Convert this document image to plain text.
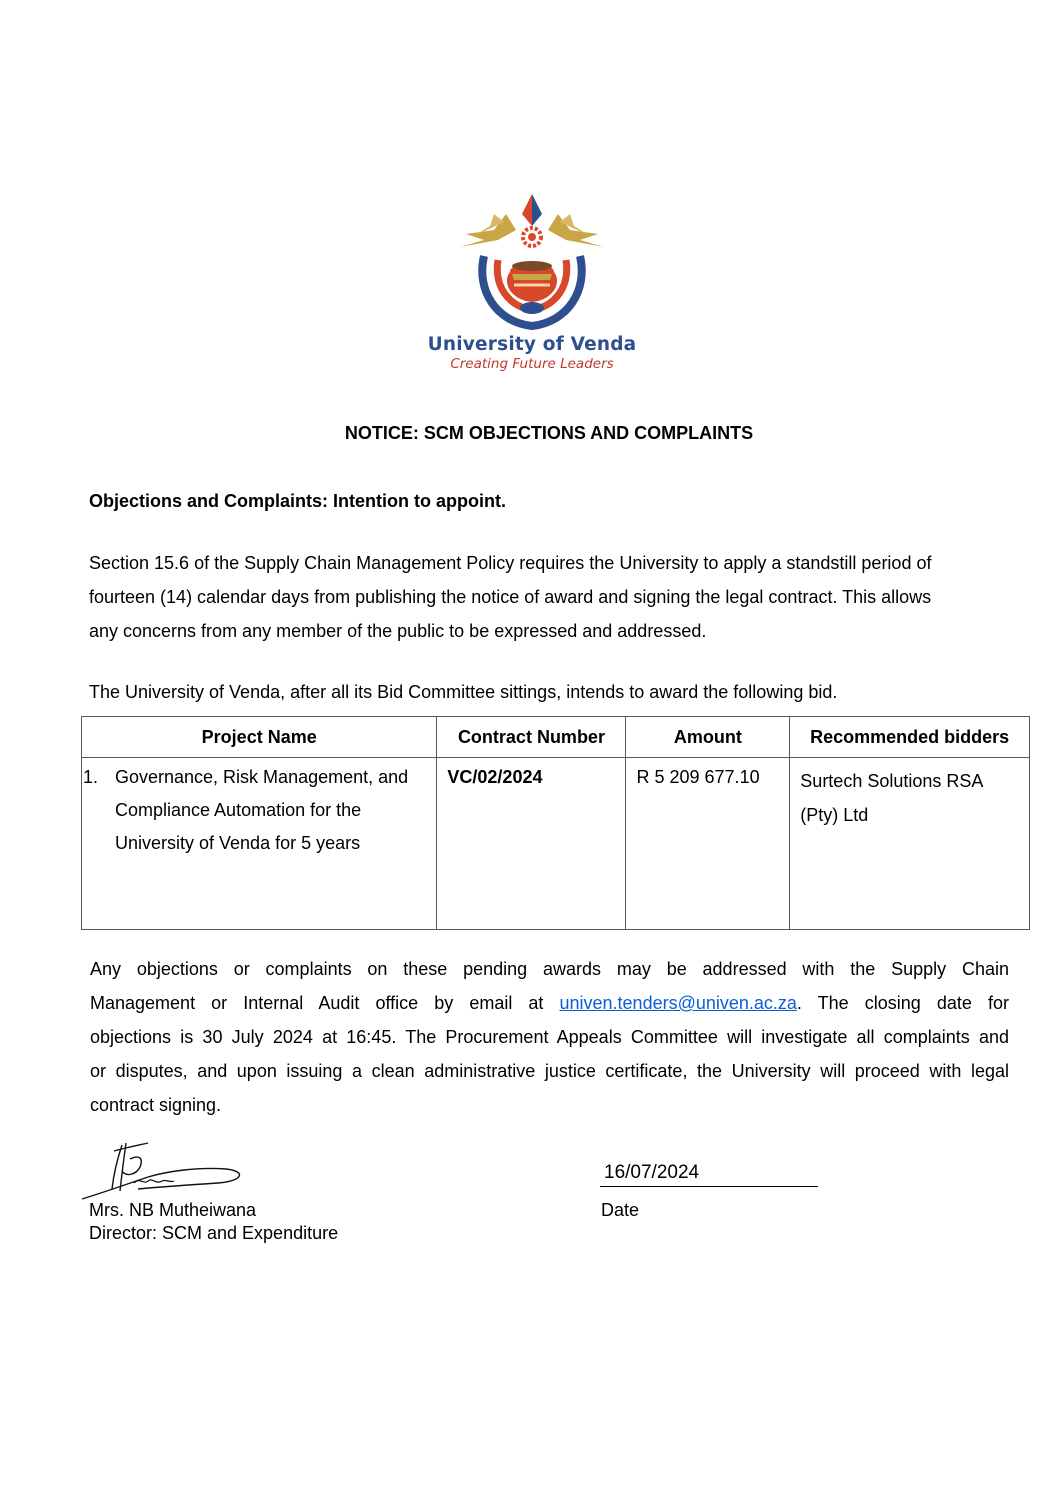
University of Venda
Creating Future Leaders
NOTICE: SCM OBJECTIONS AND COMPLAINTS
Objections and Complaints: Intention to appoint.
Section 15.6 of the Supply Chain Management Policy requires the University to apply a standstill period of
fourteen (14) calendar days from publishing the notice of award and signing the legal contract. This allows
any concerns from any member of the public to be expressed and addressed.
The University of Venda, after all its Bid Committee sittings, intends to award the following bid.
Project Name	Contract Number	Amount	Recommended bidders

1. Governance, Risk Management, and
Compliance Automation for the
University of Venda for 5 years	VC/02/2024	R 5 209 677.10	Surtech Solutions RSA
(Pty) Ltd
Any objections or complaints on these pending awards may be addressed with the Supply Chain
Management or Internal Audit office by email at univen.tenders@univen.ac.za. The closing date for
objections is 30 July 2024 at 16:45. The Procurement Appeals Committee will investigate all complaints and
or disputes, and upon issuing a clean administrative justice certificate, the University will proceed with legal
contract signing.
Mrs. NB Mutheiwana
Director: SCM and Expenditure
16/07/2024
Date
